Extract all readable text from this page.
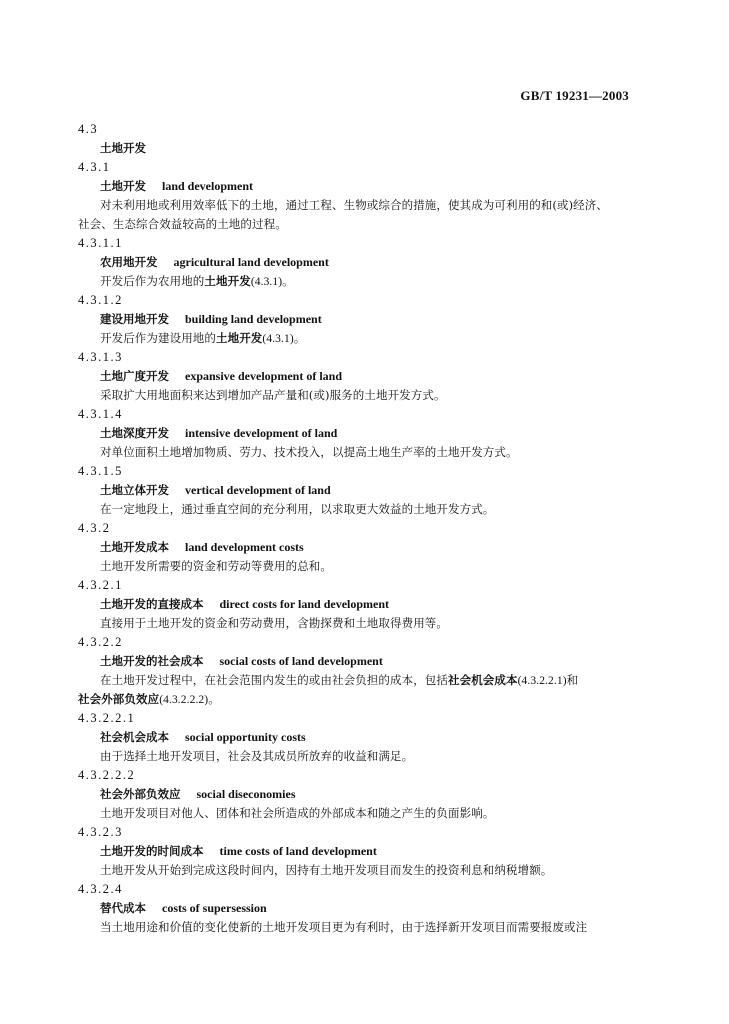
GB/T 19231—2003
4.3
土地开发
4.3.1
土地开发 land development
对未利用地或利用效率低下的土地，通过工程、生物或综合的措施，使其成为可利用的和(或)经济、
社会、生态综合效益较高的土地的过程。
4.3.1.1
农用地开发 agricultural land development
开发后作为农用地的土地开发(4.3.1)。
4.3.1.2
建设用地开发 building land development
开发后作为建设用地的土地开发(4.3.1)。
4.3.1.3
土地广度开发 expansive development of land
采取扩大用地面积来达到增加产品产量和(或)服务的土地开发方式。
4.3.1.4
土地深度开发 intensive development of land
对单位面积土地增加物质、劳力、技术投入，以提高土地生产率的土地开发方式。
4.3.1.5
土地立体开发 vertical development of land
在一定地段上，通过垂直空间的充分利用，以求取更大效益的土地开发方式。
4.3.2
土地开发成本 land development costs
土地开发所需要的资金和劳动等费用的总和。
4.3.2.1
土地开发的直接成本 direct costs for land development
直接用于土地开发的资金和劳动费用，含勘探费和土地取得费用等。
4.3.2.2
土地开发的社会成本 social costs of land development
在土地开发过程中，在社会范围内发生的或由社会负担的成本，包括社会机会成本(4.3.2.2.1)和
社会外部负效应(4.3.2.2.2)。
4.3.2.2.1
社会机会成本 social opportunity costs
由于选择土地开发项目，社会及其成员所放弃的收益和满足。
4.3.2.2.2
社会外部负效应 social diseconomies
土地开发项目对他人、团体和社会所造成的外部成本和随之产生的负面影响。
4.3.2.3
土地开发的时间成本 time costs of land development
土地开发从开始到完成这段时间内，因持有土地开发项目而发生的投资利息和纳税增额。
4.3.2.4
替代成本 costs of supersession
当土地用途和价值的变化使新的土地开发项目更为有利时，由于选择新开发项目而需要报废或注
